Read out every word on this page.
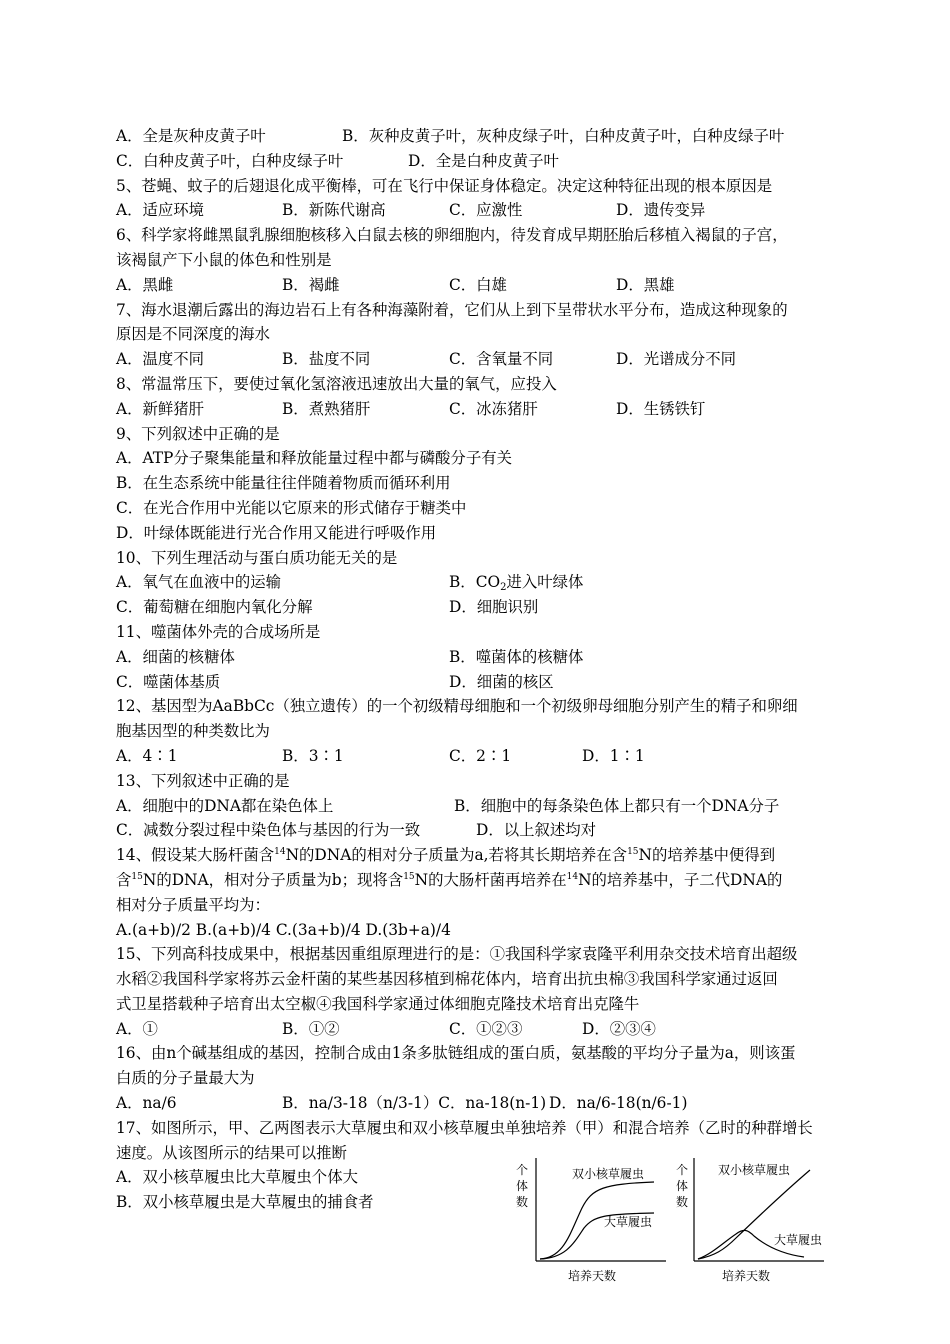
A．全是灰种皮黄子叶	B．灰种皮黄子叶，灰种皮绿子叶，白种皮黄子叶，白种皮绿子叶
C．白种皮黄子叶，白种皮绿子叶	D．全是白种皮黄子叶
5、苍蝇、蚊子的后翅退化成平衡棒，可在飞行中保证身体稳定。决定这种特征出现的根本原因是
A．适应环境	B．新陈代谢高	C．应激性	D．遗传变异
6、科学家将雌黑鼠乳腺细胞核移入白鼠去核的卵细胞内，待发育成早期胚胎后移植入褐鼠的子宫，
该褐鼠产下小鼠的体色和性别是
A．黑雌	B．褐雌	C．白雄	D．黑雄
7、海水退潮后露出的海边岩石上有各种海藻附着，它们从上到下呈带状水平分布，造成这种现象的
原因是不同深度的海水
A．温度不同	B．盐度不同	C．含氧量不同	D．光谱成分不同
8、常温常压下，要使过氧化氢溶液迅速放出大量的氧气，应投入
A．新鲜猪肝	B．煮熟猪肝	C．冰冻猪肝	D．生锈铁钉
9、下列叙述中正确的是
A．ATP分子聚集能量和释放能量过程中都与磷酸分子有关
B．在生态系统中能量往往伴随着物质而循环利用
C．在光合作用中光能以它原来的形式储存于糖类中
D．叶绿体既能进行光合作用又能进行呼吸作用
10、下列生理活动与蛋白质功能无关的是
A．氧气在血液中的运输	B．$CO_2$进入叶绿体
C．葡萄糖在细胞内氧化分解	D．细胞识别
11、噬菌体外壳的合成场所是
A．细菌的核糖体	B．噬菌体的核糖体
C．噬菌体基质	D．细菌的核区
12、基因型为AaBbCc（独立遗传）的一个初级精母细胞和一个初级卵母细胞分别产生的精子和卵细
胞基因型的种类数比为
A．4∶1	B．3∶1	C．2∶1	D．1∶1
13、下列叙述中正确的是
A．细胞中的DNA都在染色体上	B．细胞中的每条染色体上都只有一个DNA分子
C．减数分裂过程中染色体与基因的行为一致	D．以上叙述均对
14、假设某大肠杆菌含$^{14}$N的DNA的相对分子质量为a,若将其长期培养在含$^{15}$N的培养基中便得到
含$^{15}$N的DNA，相对分子质量为b；现将含$^{15}$N的大肠杆菌再培养在$^{14}$N的培养基中，子二代DNA的
相对分子质量平均为：
A.(a+b)/2 B.(a+b)/4 C.(3a+b)/4 D.(3b+a)/4
15、下列高科技成果中，根据基因重组原理进行的是：①我国科学家袁隆平利用杂交技术培育出超级
水稻②我国科学家将苏云金杆菌的某些基因移植到棉花体内，培育出抗虫棉③我国科学家通过返回
式卫星搭载种子培育出太空椒④我国科学家通过体细胞克隆技术培育出克隆牛
A．①	B．①②	C．①②③	D．②③④
16、由n个碱基组成的基因，控制合成由1条多肽链组成的蛋白质，氨基酸的平均分子量为a，则该蛋
白质的分子量最大为
A．na/6	B．na/3-18（n/3-1）C．na-18(n-1) D．na/6-18(n/6-1)
17、如图所示，甲、乙两图表示大草履虫和双小核草履虫单独培养（甲）和混合培养（乙时的种群增长
速度。从该图所示的结果可以推断
A．双小核草履虫比大草履虫个体大
B．双小核草履虫是大草履虫的捕食者
个
体
数
双小核草履虫
大草履虫
培养天数
个
体
数
双小核草履虫
大草履虫
培养天数
